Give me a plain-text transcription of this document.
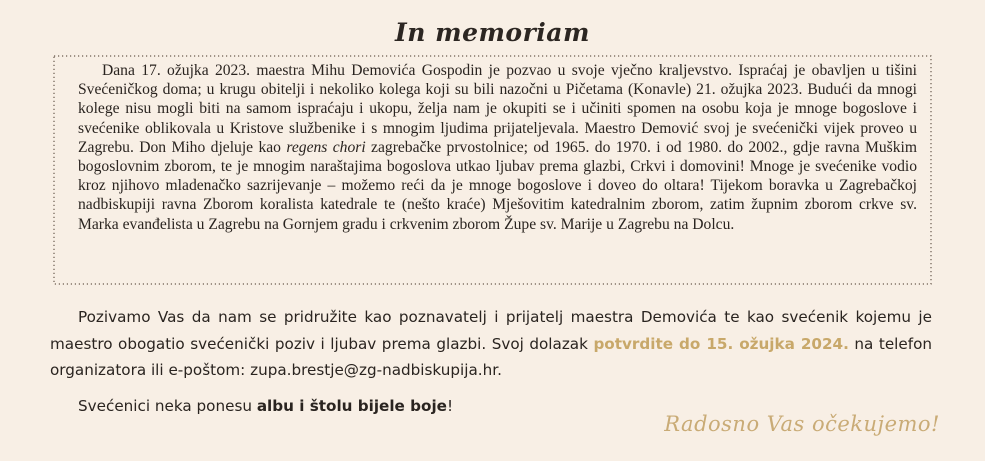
In memoriam

Dana 17. ožujka 2023. maestra Mihu Demovića Gospodin je pozvao u svoje vječno kraljevstvo. Ispraćaj je obavljen u tišini Svećeničkog doma; u krugu obitelji i nekoliko kolega koji su bili nazočni u Pičetama (Konavle) 21. ožujka 2023. Budući da mnogi kolege nisu mogli biti na samom ispraćaju i ukopu, želja nam je okupiti se i učiniti spomen na osobu koja je mnoge bogoslove i svećenike oblikovala u Kristove službenike i s mnogim ljudima prijateljevala. Maestro Demović svoj je svećenički vijek proveo u Zagrebu. Don Miho djeluje kao regens chori zagrebačke prvostolnice; od 1965. do 1970. i od 1980. do 2002., gdje ravna Muškim bogoslovnim zborom, te je mnogim naraštajima bogoslova utkao ljubav prema glazbi, Crkvi i domovini! Mnoge je svećenike vodio kroz njihovo mladenačko sazrijevanje – možemo reći da je mnoge bogoslove i doveo do oltara! Tijekom boravka u Zagrebačkoj nadbiskupiji ravna Zborom koralista katedrale te (nešto kraće) Mješovitim katedralnim zborom, zatim župnim zborom crkve sv. Marka evanđelista u Zagrebu na Gornjem gradu i crkvenim zborom Župe sv. Marije u Zagrebu na Dolcu.

Pozivamo Vas da nam se pridružite kao poznavatelj i prijatelj maestra Demovića te kao svećenik kojemu je maestro obogatio svećenički poziv i ljubav prema glazbi. Svoj dolazak potvrdite do 15. ožujka 2024. na telefon organizatora ili e-poštom: zupa.brestje@zg-nadbiskupija.hr.

Svećenici neka ponesu albu i štolu bijele boje!

Radosno Vas očekujemo!
